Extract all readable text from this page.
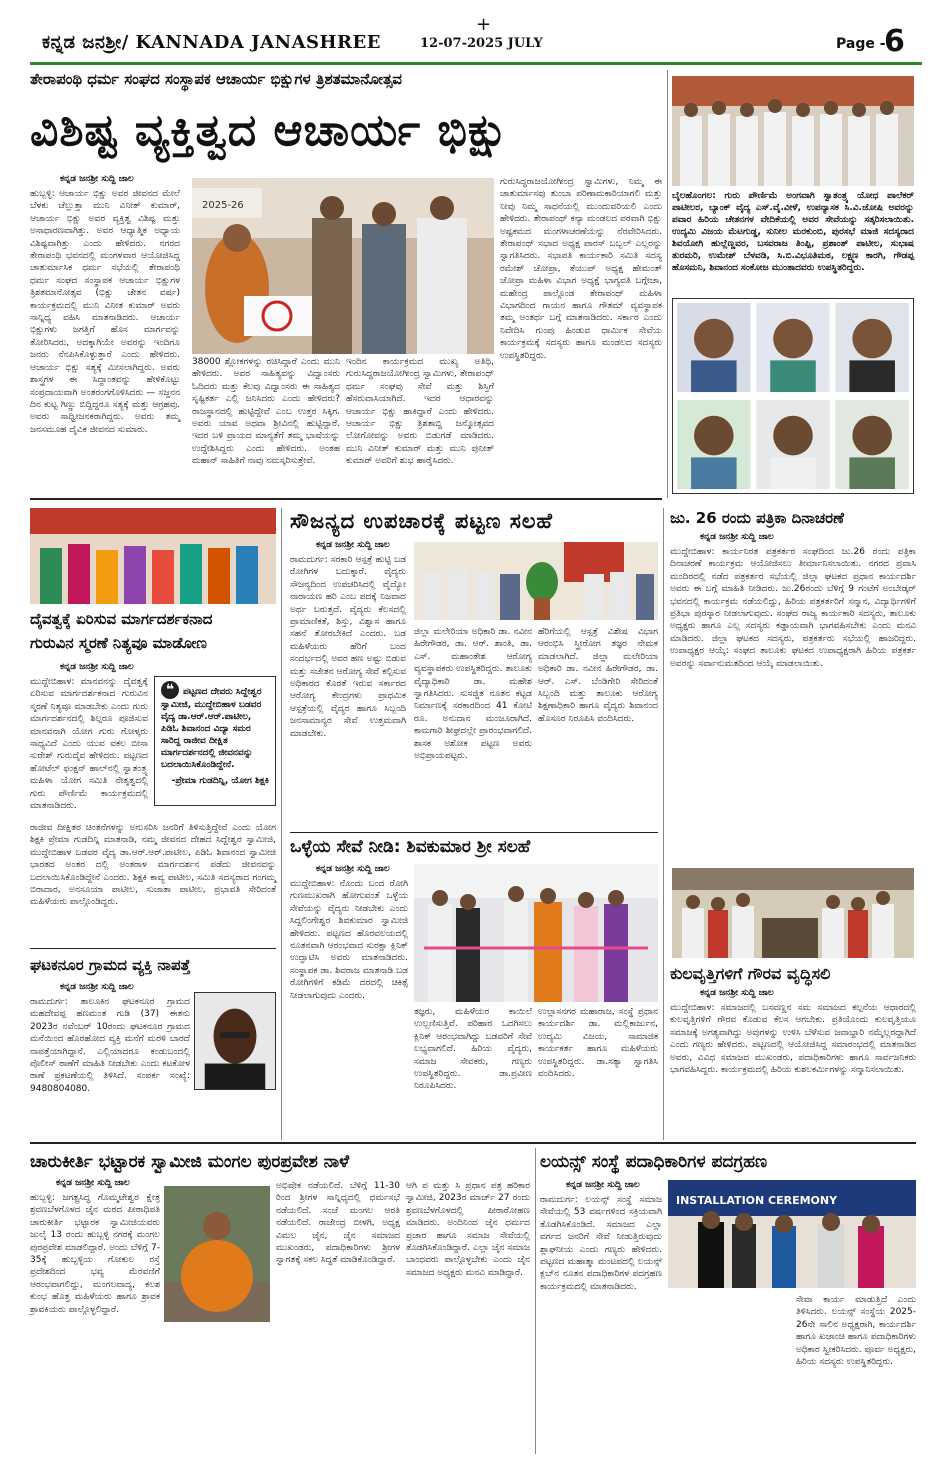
ಕನ್ನಡ ಜನಶ್ರೀ/ KANNADA JANASHREE
+
12-07-2025 JULY	Page -
6
ತೇರಾಪಂಥಿ ಧರ್ಮ ಸಂಘದ ಸಂಸ್ಥಾಪಕ ಆಚಾರ್ಯ ಭಿಕ್ಷುಗಳ ತ್ರಿಶತಮಾನೋತ್ಸವ
ವಿಶಿಷ್ಟ ವ್ಯಕ್ತಿತ್ವದ ಆಚಾರ್ಯ ಭಿಕ್ಷು
ಕನ್ನಡ ಜನಶ್ರೀ ಸುದ್ದಿ ಜಾಲ
ಹುಬ್ಬಳ್ಳಿ: ಆಚಾರ್ಯ ಭಿಕ್ಷು ಅವರ ಜೀವನದ ಮೇಲೆ ಬೆಳಕು ಚೆಲ್ಲುತ್ತಾ ಮುನಿ ವಿನೀತ್ ಕುಮಾರ್, ಆಚಾರ್ಯ ಭಿಕ್ಷು ಅವರ ವ್ಯಕ್ತಿತ್ವ ವಿಶಿಷ್ಟ ಮತ್ತು ಅಸಾಧಾರಣವಾಗಿತ್ತು. ಅವರ ಆಧ್ಯಾತ್ಮಿಕ ಅಧ್ಯಾಯ ವಿಶಿಷ್ಟವಾಗಿತ್ತು ಎಂದು ಹೇಳಿದರು. ನಗರದ ತೇರಾಪಂಥಿ ಭವನದಲ್ಲಿ ಮಂಗಳವಾರ ಆಯೋಜಿಸಿದ್ದ ಚಾತುರ್ಮಾಸಿಕ ಧರ್ಮ ಸಭೆಯಲ್ಲಿ ತೇರಾಪಂಥಿ ಧರ್ಮ ಸಂಘದ ಸಂಸ್ಥಾಪಕ ಆಚಾರ್ಯ ಭಿಕ್ಷುಗಳ ತ್ರಿಶತಮಾನೋತ್ಸವ (ಭಿಕ್ಷು ಚೇತನ ವರ್ಷ) ಕಾರ್ಯಕ್ರಮದಲ್ಲಿ ಮುನಿ ವಿನೀತ ಕುಮಾರ್ ಅವರು ಸಾನ್ನಿಧ್ಯ ವಹಿಸಿ ಮಾತನಾಡಿದರು. ಆಚಾರ್ಯ ಭಿಕ್ಷುಗಳು ಜಗತ್ತಿಗೆ ಹೊಸ ಮಾರ್ಗವನ್ನು ತೋರಿಸಿದರು, ಅದಕ್ಕಾಗಿಯೇ ಅವರನ್ನು ಇಂದಿಗೂ ಜನರು ನೆನಪಿಸಿಕೊಳ್ಳುತ್ತಾರೆ ಎಂದು ಹೇಳಿದರು. ಆಚಾರ್ಯ ಭಿಕ್ಷು ಸತ್ಯಕ್ಕೆ ಮೀಸಲಾಗಿದ್ದರು. ಅವರು ಶಾಸ್ತ್ರಗಳ ಈ ಸಿದ್ಧಾಂತವನ್ನು ಹೇಳಿಕೊಟ್ಟು ಸಂಪ್ರದಾಯವಾಗಿ ಅಂತರಂಗಗೊಳಿಸಿದರು — ಸಜ್ಜನನ ದಿನ ಕುಟ್ಟ ಗಿಣ್ಣು ಬಿದ್ದಿದ್ದರೂ ಸತ್ಯಕ್ಕೆ ಮತ್ತು ಆಗ್ರಹವು. ಅವರು ಸಾಧ್ವೀಜನಕರಾಗಿದ್ದರು. ಅವರು ತಮ್ಮ ಜನಸಮೂಹ ದೈವಿಕ ಜೀವನದ ಸುಮಾರು.
2025-26
38000 ಶ್ಲೋಕಗಳನ್ನು ರಚಿಸಿದ್ದಾರೆ ಎಂದು ಮುನಿ ಹೇಳಿದರು. ಅವರ ಸಾಹಿತ್ಯವನ್ನು ವಿದ್ವಾಂಸರು ಓದಿದರು ಮತ್ತು ಕೆಲವು ವಿದ್ವಾಂಸರು ಈ ಸಾಹಿತ್ಯದ ಸೃಷ್ಟಿಕರ್ತ ಎಲ್ಲಿ ಜನಿಸಿದರು ಎಂದು ಹೇಳಿದರು? ರಾಜಸ್ಥಾನದಲ್ಲಿ ಹುಟ್ಟಿದ್ದೇವೆ ಎಂಬ ಉತ್ತರ ಸಿಕ್ಕಿಗ. ಅವರು ಯಾವ ಅಥವಾ ಶ್ರೀವಿನಲ್ಲಿ ಹುಟ್ಟಿದ್ದಾರೆ. ಇದರ ಬಳಿ ಪ್ರಾಯದ ಮಾನ್ಯತೆಗೆ ತಮ್ಮ ಭಾಷೆಯನ್ನು ಉದ್ದೇಶಿಸಿದ್ದರು ಎಂದು ಹೇಳಿದರು. ಅಂತಹ ಮಹಾನ್ ಸಾಹಿತಿಗೆ ನಾವು ನಮಸ್ಕರಿಸುತ್ತೇವೆ.
ಇಂದಿನ ಕಾರ್ಯಕ್ರಮದ ಮುಖ್ಯ ಅತಿಥಿ, ಗುರುಸಿದ್ಧರಾಜಯೋಗೀಂದ್ರ ಸ್ವಾಮಿಗಳು, ತೇರಾಪಂಥ್ ಧರ್ಮ ಸಂಘವು ಸೇವೆ ಮತ್ತು ಶಿಸ್ತಿಗೆ ಹೆಸರುವಾಸಿಯಾಗಿದೆ. ಇದರ ಆಧಾರವನ್ನು ಆಚಾರ್ಯ ಭಿಕ್ಷು ಹಾಕಿದ್ದಾರೆ ಎಂದು ಹೇಳಿದರು. ಆಚಾರ್ಯ ಭಿಕ್ಷು ತ್ರಿಶತಾಬ್ದಿ ಜನ್ಮೋತ್ಸವದ ಲೋಗೋವನ್ನು ಅವರು ಬಿಡುಗಡೆ ಮಾಡಿದರು. ಮುನಿ ವಿನೀತ್ ಕುಮಾರ್ ಮತ್ತು ಮುನಿ ಪುನೀತ್ ಕುಮಾರ್ ಅವರಿಗೆ ಶುಭ ಹಾರೈಸಿದರು.
ಗುರುಸಿದ್ಧರಾಜಯೋಗೀಂದ್ರ ಸ್ವಾಮಿಗಳು, ನಿಮ್ಮ ಈ ಚಾತುರ್ಮಾಸವು ತುಂಬಾ ಪರಿಣಾಮಕಾರಿಯಾಗಲಿ ಮತ್ತು ನೀವು ನಿಮ್ಮ ಸಾಧನೆಯಲ್ಲಿ ಮುಂದುವರಿಯಲಿ ಎಂದು ಹೇಳಿದರು. ತೇರಾಪಂಥ್ ಕನ್ಯಾ ಮಂಡಲದ ಪರವಾಗಿ ಭಿಕ್ಷು ಅಷ್ಟಕಮದ ಮಂಗಳಾಚರಣೆಯನ್ನು ನೆರವೇರಿಸಿದರು. ತೇರಾಪಂಥ್ ಸಭಾದ ಅಧ್ಯಕ್ಷ ಪಾರಸ್ ಬಬ್ಬಲ್ ಎಲ್ಲರನ್ನು ಸ್ವಾಗತಿಸಿದರು. ಸಭಾಪತಿ ಕಾರ್ಯಕಾರಿ ಸಮಿತಿ ಸದಸ್ಯ ರಮೇಶ್ ಚೋಪ್ರಾ, ತೆಯುಪ್ ಅಧ್ಯಕ್ಷ ಹೇಮಂತ್ ಚೋಪ್ರಾ ಮಹಿಳಾ ವಿಭಾಗ ಅಧ್ಯಕ್ಷೆ ಭಾಗ್ಯವತಿ ಬಗ್ಗೇಚಾ, ಮಹೇಂದ್ರ ಪಾಲ್ಗೊಂಡ ತೇರಾಪಂಥ್ ಮಹಿಳಾ ವಿಭಾಗದಿಂದ ಗಾಯನ ಹಾಗೂ ಗೌತಮ್ ವ್ಯವಸ್ಥಾಪಕ ತಮ್ಮ ಅಂತರ್ಥ ಬಗ್ಗೆ ಮಾತನಾಡಿದರು. ಸರ್ಕಾರ ಎಂದು ನಿವೇದಿಸಿ ಗುಂಪು ಹಿಂಡುವ ಧಾರ್ಮಿಕ ಸೇವೆಯ ಕಾರ್ಯಕ್ರಮಕ್ಕೆ ಸದಸ್ಯರು ಹಾಗೂ ಮಂಡಲದ ಸದಸ್ಯರು ಉಪಸ್ಥಿತರಿದ್ದರು.
ಬೈಲಹೊಂಗಲ: ಗುರು ಪೌರ್ಣಿಮೆ ಅಂಗವಾಗಿ ಸ್ವಾತಂತ್ರ್ಯ ಯೋಧ ಪಾಲೆಕರ್ ಪಾಟೀಲರ, ಬ್ಯಾಂಕ್ ವೈದ್ಯ ಎಸ್.ವೈ.ವೀಳೆ, ಉಪನ್ಯಾಸಕ ಸಿ.ವಿ.ಜೋಷಿ ಅವರನ್ನು ಪವಾರ ಹಿರಿಯ ಚೇತನಗಳ ವೇದಿಕೆಯಲ್ಲಿ ಅವರ ಸೇವೆಯನ್ನು ಸತ್ಕರಿಸಲಾಯಿತು. ಉದ್ಯಮಿ ವಿಜಯ ಮೆಟಗುಡ್ಡ, ಸುನೀಲ ಮರಕುಂಬಿ, ಪುರಸಭೆ ಮಾಜಿ ಸದಸ್ಯರಾದ ಶಿವಯೋಗಿ ಹುಲ್ಲೆಣ್ಣವರ, ಬಸವರಾಜ ತಿಂಪ್ಪಿ, ಪ್ರಶಾಂತ್ ಪಾಟೀಲ, ಸುಭಾಷ ತುರಮರಿ, ಉಮೇಶ್ ಬೆಳವಡಿ, ಸಿ.ಬಿ.ವಿಭೂತಿಮಠ, ಲಕ್ಷ್ಮಣ ಕಾರಗಿ, ಗೌಡಪ್ಪ ಹೊಸಮನಿ, ಶಿವಾನಂದ ಸಂಕೋಜ ಮುಂತಾದವರು ಉಪಸ್ಥಿತರಿದ್ದರು.
ದೈವತ್ವಕ್ಕೆ ಏರಿಸುವ ಮಾರ್ಗದರ್ಶಕನಾದ
ಗುರುವಿನ ಸ್ಮರಣೆ ನಿತ್ಯವೂ ಮಾಡೋಣ
ಕನ್ನಡ ಜನಶ್ರೀ ಸುದ್ದಿ ಜಾಲ
ಮುದ್ದೇಬಿಹಾಳ: ಮಾನವನನ್ನು ದೈವತ್ವಕ್ಕೆ ಏರಿಸುವ ಮಾರ್ಗದರ್ಶಕನಾದ ಗುರುವಿನ ಸ್ಮರಣೆ ನಿತ್ಯವೂ ಮಾಡಬೇಕು ಎಂದು ಗುರು ಮಾರ್ಗದರ್ಶನದಲ್ಲಿ ಶಿಲ್ಪರೂ ಪೂಜಿಸುವ ಮಾನವನಾಗಿ ಯೋಗ ಗುರು ಗೋಳ್ಕರು ಸಾಧ್ಯವಿದೆ ಎಂದು ಯುವ ವಕಲ ಬೀಸಾ ಸುರೇಶ್ ಗುರುದೈವ ಹೇಳಿದರು. ಪಟ್ಟಣದ ಹೋಟೆಲ್ ಫಂಕ್ಷನ್ ಹಾಲ್‌ನಲ್ಲಿ ಸ್ವಾತಂತ್ರ್ಯ ಮಹಿಳಾ ಯೋಗ ಸಮಿತಿ ನೇತೃತ್ವದಲ್ಲಿ ಗುರು ಪೌರ್ಣಿಮೆ ಕಾರ್ಯಕ್ರಮದಲ್ಲಿ ಮಾತನಾಡಿದರು.
❝ ಪಟ್ಟಣದ ದೇವರು ಸಿದ್ದೇಶ್ವರ ಸ್ವಾಮೀಜಿ, ಮುದ್ದೇಬಿಹಾಳ ಬಡವರ ವೈದ್ಯ ಡಾ.ಆರ್.ಆರ್.ಪಾಟೀಲ, ಪಿಡಿಓ ಶಿವಾನಂದ ವಿದ್ಯಾ ಸಮರ ಸಾರಿದ್ದ ರಾಜೀವ ದೀಕ್ಷಿತ ಮಾರ್ಗದರ್ಶನದಲ್ಲಿ ಜೀವನವನ್ನು ಬದಲಾಯಿಸಿಕೊಂಡಿದ್ದೇನೆ.
-ಪ್ರೇಮಾ ಗುಡದಿನ್ನಿ, ಯೋಗ ಶಿಕ್ಷಕಿ
ರಾಜೀವ ದೀಕ್ಷಿತರ ಚಿಂತನೆಗಳನ್ನು ಅನುಸರಿಸಿ ಜನರಿಗೆ ತಿಳಿಸುತ್ತಿದ್ದೇವೆ ಎಂದು ಯೋಗ ಶಿಕ್ಷಕಿ ಪ್ರೇಮಾ ಗುಡದಿನ್ನಿ ಮಾತನಾಡಿ, ನಮ್ಮ ಜೀವನದ ದೇಹದ ಸಿದ್ದೇಶ್ವರ ಸ್ವಾಮೀಜಿ, ಮುದ್ದೇಬಿಹಾಳ ಬಡವರ ವೈದ್ಯ ಡಾ.ಆರ್.ಆರ್.ಪಾಟೀಲ, ಪಿಡಿಓ ಶಿವಾನಂದ ಸ್ವಾಮೀಜಿ ಭಾರತದ ಅಂತರ ದಲ್ಲಿ ಅಂತರಾಳ ಮಾರ್ಗದರ್ಶನ ಪಡೆದು ಜೀವನವನ್ನು ಬದಲಾಯಿಸಿಕೊಂಡಿದ್ದೇನೆ ಎಂದರು. ಶಿಕ್ಷಕಿ ಕಾವ್ಯ ಪಾಟೀಲ, ಸಮಿತಿ ಸದಸ್ಯರಾದ ಗಂಗಮ್ಮ ಬಿರಾದಾರ, ಅನಸೂಯಾ ಪಾಟೀಲ, ಸುಜಾತಾ ಪಾಟೀಲ, ಪ್ರಭಾವತಿ ಸೇರಿದಂತೆ ಮಹಿಳೆಯರು ಪಾಲ್ಗೊಂಡಿದ್ದರು.
ಘಟಕನೂರ ಗ್ರಾಮದ ವ್ಯಕ್ತಿ ನಾಪತ್ತೆ
ಕನ್ನಡ ಜನಶ್ರೀ ಸುದ್ದಿ ಜಾಲ
ರಾಮದುರ್ಗ: ತಾಲೂಕಿನ ಘಟಕನೂರ ಗ್ರಾಮದ ಮಹದೇವಪ್ಪ ಹಣಮಂತ ಗುಡಿ (37) ಈತನು 2023ರ ನವೆಂಬರ್ 10ರಂದು ಘಟಕನೂರ ಗ್ರಾಮದ ಮನೆಯಿಂದ ಹೊರಹೋದ ವ್ಯಕ್ತಿ ಮನೆಗೆ ಮರಳಿ ಬಾರದೆ ನಾಪತ್ತೆಯಾಗಿದ್ದಾನೆ. ಎಲ್ಲಿಯಾದರೂ ಕಂಡುಬಂದಲ್ಲಿ ಪೊಲೀಸ್ ಠಾಣೆಗೆ ಮಾಹಿತಿ ನೀಡಬೇಕು ಎಂದು ಕಟಕೋಳ ಠಾಣೆ ಪ್ರಕಟಣೆಯಲ್ಲಿ ತಿಳಿಸಿದೆ. ಸಂಪರ್ಕ ಸಂಖ್ಯೆ: 9480804080.
ಸೌಜನ್ಯದ ಉಪಚಾರಕ್ಕೆ ಪಟ್ಟಣ ಸಲಹೆ
ಕನ್ನಡ ಜನಶ್ರೀ ಸುದ್ದಿ ಜಾಲ
ರಾಮದುರ್ಗ: ಸರಕಾರಿ ಆಸ್ಪತ್ರೆ ಹುಟ್ಟಿ ಬಡ ರೋಗಿಗಳ ಬದುಕ್ಕಾರೆ. ವೈದ್ಯರು ಸೌಜನ್ಯದಿಂದ ಉಪಚರಿಸಿದಲ್ಲಿ ವೈದ್ಯೋ ನಾರಾಯಣ ಹರಿ ಎಂಬ ಪದಕ್ಕೆ ನಿಜವಾದ ಅರ್ಥ ಬರುತ್ತದೆ. ವೈದ್ಯರು ಕೆಲಸದಲ್ಲಿ ಪ್ರಾಮಾಣಿಕತೆ, ಶಿಸ್ತು, ವಿಶ್ವಾಸ ಹಾಗೂ ಸಹನೆ ತೋರಬೇಕಿದೆ ಎಂದರು. ಬಡ ಮಹಿಳೆಯರು ಹೆರಿಗೆ ಬಂದ ಸಂದರ್ಭದಲ್ಲಿ ಅವರ ಹಣ ಅಷ್ಟು ಬಿಡುವ ಮತ್ತು ಸಚೇತನ ಆರೋಗ್ಯ ಸೇವೆ ಕಲ್ಪಿಸುವ ಅಧಿಕಾರದ ಕೊರತೆ ಇರುವ ಸರ್ಕಾರದ ಆರೋಗ್ಯ ಕೇಂದ್ರಗಳು ಪ್ರಾಥಮಿಕ ಆಸ್ಪತ್ರೆಯಲ್ಲಿ ವೈದ್ಯರ ಹಾಗೂ ಸಿಬ್ಬಂದಿ ಜನಸಾಮಾನ್ಯರ ಸೇವೆ ಉತ್ತಮವಾಗಿ ಮಾಡಬೇಕು.
ಜಿಲ್ಲಾ ಮಲೇರಿಯಾ ಅಧಿಕಾರಿ ಡಾ. ನವೀನ ಹಿರೇಗೌಡರ, ಡಾ. ಆರ್. ಶಾಂತಿ, ಡಾ. ಎಸ್. ಮಹಾಂತೇಶ ಆರೋಗ್ಯ ವ್ಯವಸ್ಥಾಪಕರು ಉಪಸ್ಥಿತರಿದ್ದರು. ತಾಲೂಕು ವೈದ್ಯಾಧಿಕಾರಿ ಡಾ. ಮಹೇಶ ಸ್ವಾಗತಿಸಿದರು. ಸುಸಜ್ಜಿತ ನೂತನ ಕಟ್ಟಡ ನಿರ್ಮಾಣಕ್ಕೆ ಸರಕಾರದಿಂದ 41 ಕೋಟಿ ರೂ. ಅನುದಾನ ಮಂಜೂರಾಗಿದೆ. ಕಾಮಗಾರಿ ಶೀಘ್ರದಲ್ಲೇ ಪ್ರಾರಂಭವಾಗಲಿದೆ. ಶಾಸಕ ಅಶೋಕ ಪಟ್ಟಣ ಅವರು ಅಭಿಪ್ರಾಯಪಟ್ಟರು.
ಹೆರಿಗೆಯಲ್ಲಿ ಆಸ್ಪತ್ರೆ ವಿಶೇಷ ವಿಭಾಗ ಆರಂಭಿಸಿ ಸ್ತ್ರೀರೋಗ ತಜ್ಞರ ನೇಮಕ ಮಾಡಲಾಗಿದೆ. ಜಿಲ್ಲಾ ಮಲೇರಿಯಾ ಅಧಿಕಾರಿ ಡಾ. ನವೀನ ಹಿರೇಗೌಡರ, ಡಾ. ಆರ್. ಎಸ್. ಬೆಂಡಿಗೇರಿ ಸೇರಿದಂತೆ ಸಿಬ್ಬಂದಿ ಮತ್ತು ತಾಲೂಕು ಆರೋಗ್ಯ ಶಿಕ್ಷಣಾಧಿಕಾರಿ ಹಾಗೂ ವೈದ್ಯರು ಶಿವಾನಂದ ಹೊಸೂರ ನಿರೂಪಿಸಿ ವಂದಿಸಿದರು.
ಒಳ್ಳೆಯ ಸೇವೆ ನೀಡಿ: ಶಿವಕುಮಾರ ಶ್ರೀ ಸಲಹೆ
ಕನ್ನಡ ಜನಶ್ರೀ ಸುದ್ದಿ ಜಾಲ
ಮುದ್ದೇಬಿಹಾಳ: ನೊಂದು ಬಂದ ರೋಗಿ ಗುಣಮುಖರಾಗಿ ಹೋಗುವಂತೆ ಒಳ್ಳೆಯ ಸೇವೆಯನ್ನು ವೈದ್ಯರು ನೀಡಬೇಕು ಎಂದು ಸಿದ್ದಲಿಂಗೇಶ್ವರ ಶಿವಕುಮಾರ ಸ್ವಾಮೀಜಿ ಹೇಳಿದರು. ಪಟ್ಟಣದ ಹೊರವಲಯದಲ್ಲಿ ನೂತನವಾಗಿ ಆರಂಭವಾದ ಸುರಕ್ಷಾ ಕ್ಲಿನಿಕ್ ಉದ್ಘಾಟಿಸಿ ಅವರು ಮಾತನಾಡಿದರು. ಸಂಸ್ಥಾಪಕ ಡಾ. ಶಿವರಾಜ ಮಾತನಾಡಿ ಬಡ ರೋಗಿಗಳಿಗೆ ಕಡಿಮೆ ದರದಲ್ಲಿ ಚಿಕಿತ್ಸೆ ನೀಡಲಾಗುವುದು ಎಂದರು.
ತಜ್ಞರು, ಮಹಿಳೆಯರ ಕಾಯಿಲೆ ಉಲ್ಬಣಿಸುತ್ತಿವೆ. ಪರಿಹಾರ ಒದಗಿಸಲು ಕ್ಲಿನಿಕ್ ಆರಂಭವಾಗಿದ್ದು ಬಡವರಿಗೆ ಸೇವೆ ಲಭ್ಯವಾಗಲಿದೆ. ಹಿರಿಯ ವೈದ್ಯರು, ಸಮಾಜ ಸೇವಕರು, ಗಣ್ಯರು ಉಪಸ್ಥಿತರಿದ್ದರು. ಡಾ.ಪ್ರವೀಣ ನಿರೂಪಿಸಿದರು.
ಉಲ್ಲಾಸನಗರ ಮಹಾರಾಜ, ಸಂಸ್ಥೆ ಪ್ರಧಾನ ಕಾರ್ಯದರ್ಶಿ ಡಾ. ಮಲ್ಲಿಕಾರ್ಜುನ, ಉದ್ಯಮಿ ವಿಜಯ, ಸಾಮಾಜಿಕ ಕಾರ್ಯಕರ್ತ ಹಾಗೂ ಮಹಿಳೆಯರು ಉಪಸ್ಥಿತರಿದ್ದರು. ಡಾ.ಸತ್ಯಾ ಸ್ವಾಗತಿಸಿ ವಂದಿಸಿದರು.
ಜು. 26 ರಂದು ಪತ್ರಿಕಾ ದಿನಾಚರಣೆ
ಕನ್ನಡ ಜನಶ್ರೀ ಸುದ್ದಿ ಜಾಲ
ಮುದ್ದೇಬಿಹಾಳ: ಕಾರ್ಯನಿರತ ಪತ್ರಕರ್ತರ ಸಂಘದಿಂದ ಜು.26 ರಂದು ಪತ್ರಿಕಾ ದಿನಾಚರಣೆ ಕಾರ್ಯಕ್ರಮ ಆಯೋಜಿಸಲು ತೀರ್ಮಾನಿಸಲಾಯಿತು. ನಗರದ ಪ್ರವಾಸಿ ಮಂದಿರದಲ್ಲಿ ನಡೆದ ಪತ್ರಕರ್ತರ ಸಭೆಯಲ್ಲಿ ಜಿಲ್ಲಾ ಘಟಕದ ಪ್ರಧಾನ ಕಾರ್ಯದರ್ಶಿ ಅವರು ಈ ಬಗ್ಗೆ ಮಾಹಿತಿ ನೀಡಿದರು. ಜು.26ರಂದು ಬೆಳಿಗ್ಗೆ 9 ಗಂಟೆಗೆ ಅಂಬೇಡ್ಕರ್ ಭವನದಲ್ಲಿ ಕಾರ್ಯಕ್ರಮ ನಡೆಯಲಿದ್ದು, ಹಿರಿಯ ಪತ್ರಕರ್ತರಿಗೆ ಸನ್ಮಾನ, ವಿದ್ಯಾರ್ಥಿಗಳಿಗೆ ಪ್ರತಿಭಾ ಪುರಸ್ಕಾರ ನೀಡಲಾಗುವುದು. ಸಂಘದ ರಾಜ್ಯ ಕಾರ್ಯಕಾರಿ ಸದಸ್ಯರು, ತಾಲೂಕು ಅಧ್ಯಕ್ಷರು ಹಾಗೂ ಎಲ್ಲ ಸದಸ್ಯರು ಕಡ್ಡಾಯವಾಗಿ ಭಾಗವಹಿಸಬೇಕು ಎಂದು ಮನವಿ ಮಾಡಿದರು. ಜಿಲ್ಲಾ ಘಟಕದ ಸದಸ್ಯರು, ಪತ್ರಕರ್ತರು ಸಭೆಯಲ್ಲಿ ಹಾಜರಿದ್ದರು. ಉಪಾಧ್ಯಕ್ಷರ ಆಯ್ಕೆ: ಸಂಘದ ತಾಲೂಕು ಘಟಕದ ಉಪಾಧ್ಯಕ್ಷರಾಗಿ ಹಿರಿಯ ಪತ್ರಕರ್ತ ಅವರನ್ನು ಸರ್ವಾನುಮತದಿಂದ ಆಯ್ಕೆ ಮಾಡಲಾಯಿತು.
ಕುಲವೃತ್ತಿಗಳಿಗೆ ಗೌರವ ವೃದ್ಧಿಸಲಿ
ಕನ್ನಡ ಜನಶ್ರೀ ಸುದ್ದಿ ಜಾಲ
ಮುದ್ದೇಬಿಹಾಳ: ಸಮಾಜದಲ್ಲಿ ಬಸವಣ್ಣನ ಸಮ ಸಮಾಜದ ಕಲ್ಪನೆಯ ಆಧಾರದಲ್ಲಿ ಕುಲವೃತ್ತಿಗಳಿಗೆ ಗೌರವ ಕೊಡುವ ಕೆಲಸ ಆಗಬೇಕು. ಪ್ರತಿಯೊಂದು ಕುಲವೃತ್ತಿಯೂ ಸಮಾಜಕ್ಕೆ ಅಗತ್ಯವಾಗಿದ್ದು ಅವುಗಳನ್ನು ಉಳಿಸಿ ಬೆಳೆಸುವ ಜವಾಬ್ದಾರಿ ನಮ್ಮೆಲ್ಲರದ್ದಾಗಿದೆ ಎಂದು ಗಣ್ಯರು ಹೇಳಿದರು. ಪಟ್ಟಣದಲ್ಲಿ ಆಯೋಜಿಸಿದ್ದ ಸಮಾರಂಭದಲ್ಲಿ ಮಾತನಾಡಿದ ಅವರು, ವಿವಿಧ ಸಮಾಜದ ಮುಖಂಡರು, ಪದಾಧಿಕಾರಿಗಳು ಹಾಗೂ ಸಾರ್ವಜನಿಕರು ಭಾಗವಹಿಸಿದ್ದರು. ಕಾರ್ಯಕ್ರಮದಲ್ಲಿ ಹಿರಿಯ ಕುಶಲಕರ್ಮಿಗಳನ್ನು ಸನ್ಮಾನಿಸಲಾಯಿತು.
ಚಾರುಕೀರ್ತಿ ಭಟ್ಟಾರಕ ಸ್ವಾಮೀಜಿ ಮಂಗಲ ಪುರಪ್ರವೇಶ ನಾಳೆ
ಕನ್ನಡ ಜನಶ್ರೀ ಸುದ್ದಿ ಜಾಲ
ಹುಬ್ಬಳ್ಳಿ: ಜಗತ್ಪ್ರಸಿದ್ಧ ಗೊಮ್ಮಟೇಶ್ವರ ಕ್ಷೇತ್ರ ಶ್ರವಣಬೆಳಗೊಳದ ಜೈನ ಮಠದ ಪೀಠಾಧಿಪತಿ ಚಾರುಕೀರ್ತಿ ಭಟ್ಟಾರಕ ಸ್ವಾಮೀಜಿಯವರು ಜುಲೈ 13 ರಂದು ಹುಬ್ಬಳ್ಳಿ ನಗರಕ್ಕೆ ಮಂಗಲ ಪುರಪ್ರವೇಶ ಮಾಡಲಿದ್ದಾರೆ. ಅಂದು ಬೆಳಿಗ್ಗೆ 7-35ಕ್ಕೆ ಹುಬ್ಬಳ್ಳಿಯ ಗೋಕುಲ ರಸ್ತೆ ಪ್ರದೇಶದಿಂದ ಭವ್ಯ ಮೆರವಣಿಗೆ ಆರಂಭವಾಗಲಿದ್ದು, ಮಂಗಲವಾದ್ಯ, ಕಲಶ ಕುಂಭ ಹೊತ್ತ ಮಹಿಳೆಯರು ಹಾಗೂ ಶ್ರಾವಕ ಶ್ರಾವಕಿಯರು ಪಾಲ್ಗೊಳ್ಳಲಿದ್ದಾರೆ.
ಅಭಿಷೇಕ ನಡೆಯಲಿದೆ. ಬೆಳಿಗ್ಗೆ 11-30 ರಿಂದ ಶ್ರೀಗಳ ಸಾನ್ನಿಧ್ಯದಲ್ಲಿ ಧರ್ಮಸಭೆ ನಡೆಯಲಿದೆ. ಸಂಜೆ ಮಂಗಲ ಆರತಿ ನಡೆಯಲಿದೆ. ರಾಜೇಂದ್ರ ಬೀಳಗಿ, ಅಧ್ಯಕ್ಷ ವಿಮಲ ಜೈನ, ಜೈನ ಸಮಾಜದ ಮುಖಂಡರು, ಪದಾಧಿಕಾರಿಗಳು ಶ್ರೀಗಳ ಸ್ವಾಗತಕ್ಕೆ ಸಕಲ ಸಿದ್ಧತೆ ಮಾಡಿಕೊಂಡಿದ್ದಾರೆ.
ಆಗಿ ಪ ಮತ್ತು ಸಿ ಪ್ರಧಾನ ಪತ್ರ ಹರಿಕಾರ ಸ್ವಾಮೀಜಿ, 2023ರ ಮಾರ್ಚ್ 27 ರಂದು ಶ್ರವಣಬೆಳಗೊಳದಲ್ಲಿ ಪೀಠಾರೋಹಣ ಮಾಡಿದರು. ಅಂದಿನಿಂದ ಜೈನ ಧರ್ಮದ ಪ್ರಚಾರ ಹಾಗೂ ಸಮಾಜ ಸೇವೆಯಲ್ಲಿ ತೊಡಗಿಸಿಕೊಂಡಿದ್ದಾರೆ. ಎಲ್ಲಾ ಜೈನ ಸಮಾಜ ಬಾಂಧವರು ಪಾಲ್ಗೊಳ್ಳಬೇಕು ಎಂದು ಜೈನ ಸಮಾಜದ ಅಧ್ಯಕ್ಷರು ಮನವಿ ಮಾಡಿದ್ದಾರೆ.
ಲಯನ್ಸ್ ಸಂಸ್ಥೆ ಪದಾಧಿಕಾರಿಗಳ ಪದಗ್ರಹಣ
ಕನ್ನಡ ಜನಶ್ರೀ ಸುದ್ದಿ ಜಾಲ
ರಾಮದುರ್ಗ: ಲಯನ್ಸ್ ಸಂಸ್ಥೆ ಸಮಾಜ ಸೇವೆಯಲ್ಲಿ 53 ವರ್ಷಗಳಿಂದ ಸಕ್ರಿಯವಾಗಿ ತೊಡಗಿಸಿಕೊಂಡಿದೆ. ಸಮಾಜದ ಎಲ್ಲಾ ವರ್ಗದ ಜನರಿಗೆ ಸೇವೆ ನೀಡುತ್ತಿರುವುದು ಶ್ಲಾಘನೀಯ ಎಂದು ಗಣ್ಯರು ಹೇಳಿದರು. ಪಟ್ಟಣದ ಮಹಾತ್ಮಾ ಮಂಟಪದಲ್ಲಿ ಲಯನ್ಸ್ ಕ್ಲಬ್‌ನ ನೂತನ ಪದಾಧಿಕಾರಿಗಳ ಪದಗ್ರಹಣ ಕಾರ್ಯಕ್ರಮದಲ್ಲಿ ಮಾತನಾಡಿದರು.
INSTALLATION CEREMONY
ಸೇವಾ ಕಾರ್ಯ ಮಾಡುತ್ತಿದೆ ಎಂದು ತಿಳಿಸಿದರು. ಲಯನ್ಸ್ ಸಂಸ್ಥೆಯ 2025-26ನೇ ಸಾಲಿನ ಅಧ್ಯಕ್ಷರಾಗಿ, ಕಾರ್ಯದರ್ಶಿ ಹಾಗೂ ಖಜಾಂಚಿ ಹಾಗೂ ಪದಾಧಿಕಾರಿಗಳು ಅಧಿಕಾರ ಸ್ವೀಕರಿಸಿದರು. ಪೂರ್ವ ಅಧ್ಯಕ್ಷರು, ಹಿರಿಯ ಸದಸ್ಯರು ಉಪಸ್ಥಿತರಿದ್ದರು.
